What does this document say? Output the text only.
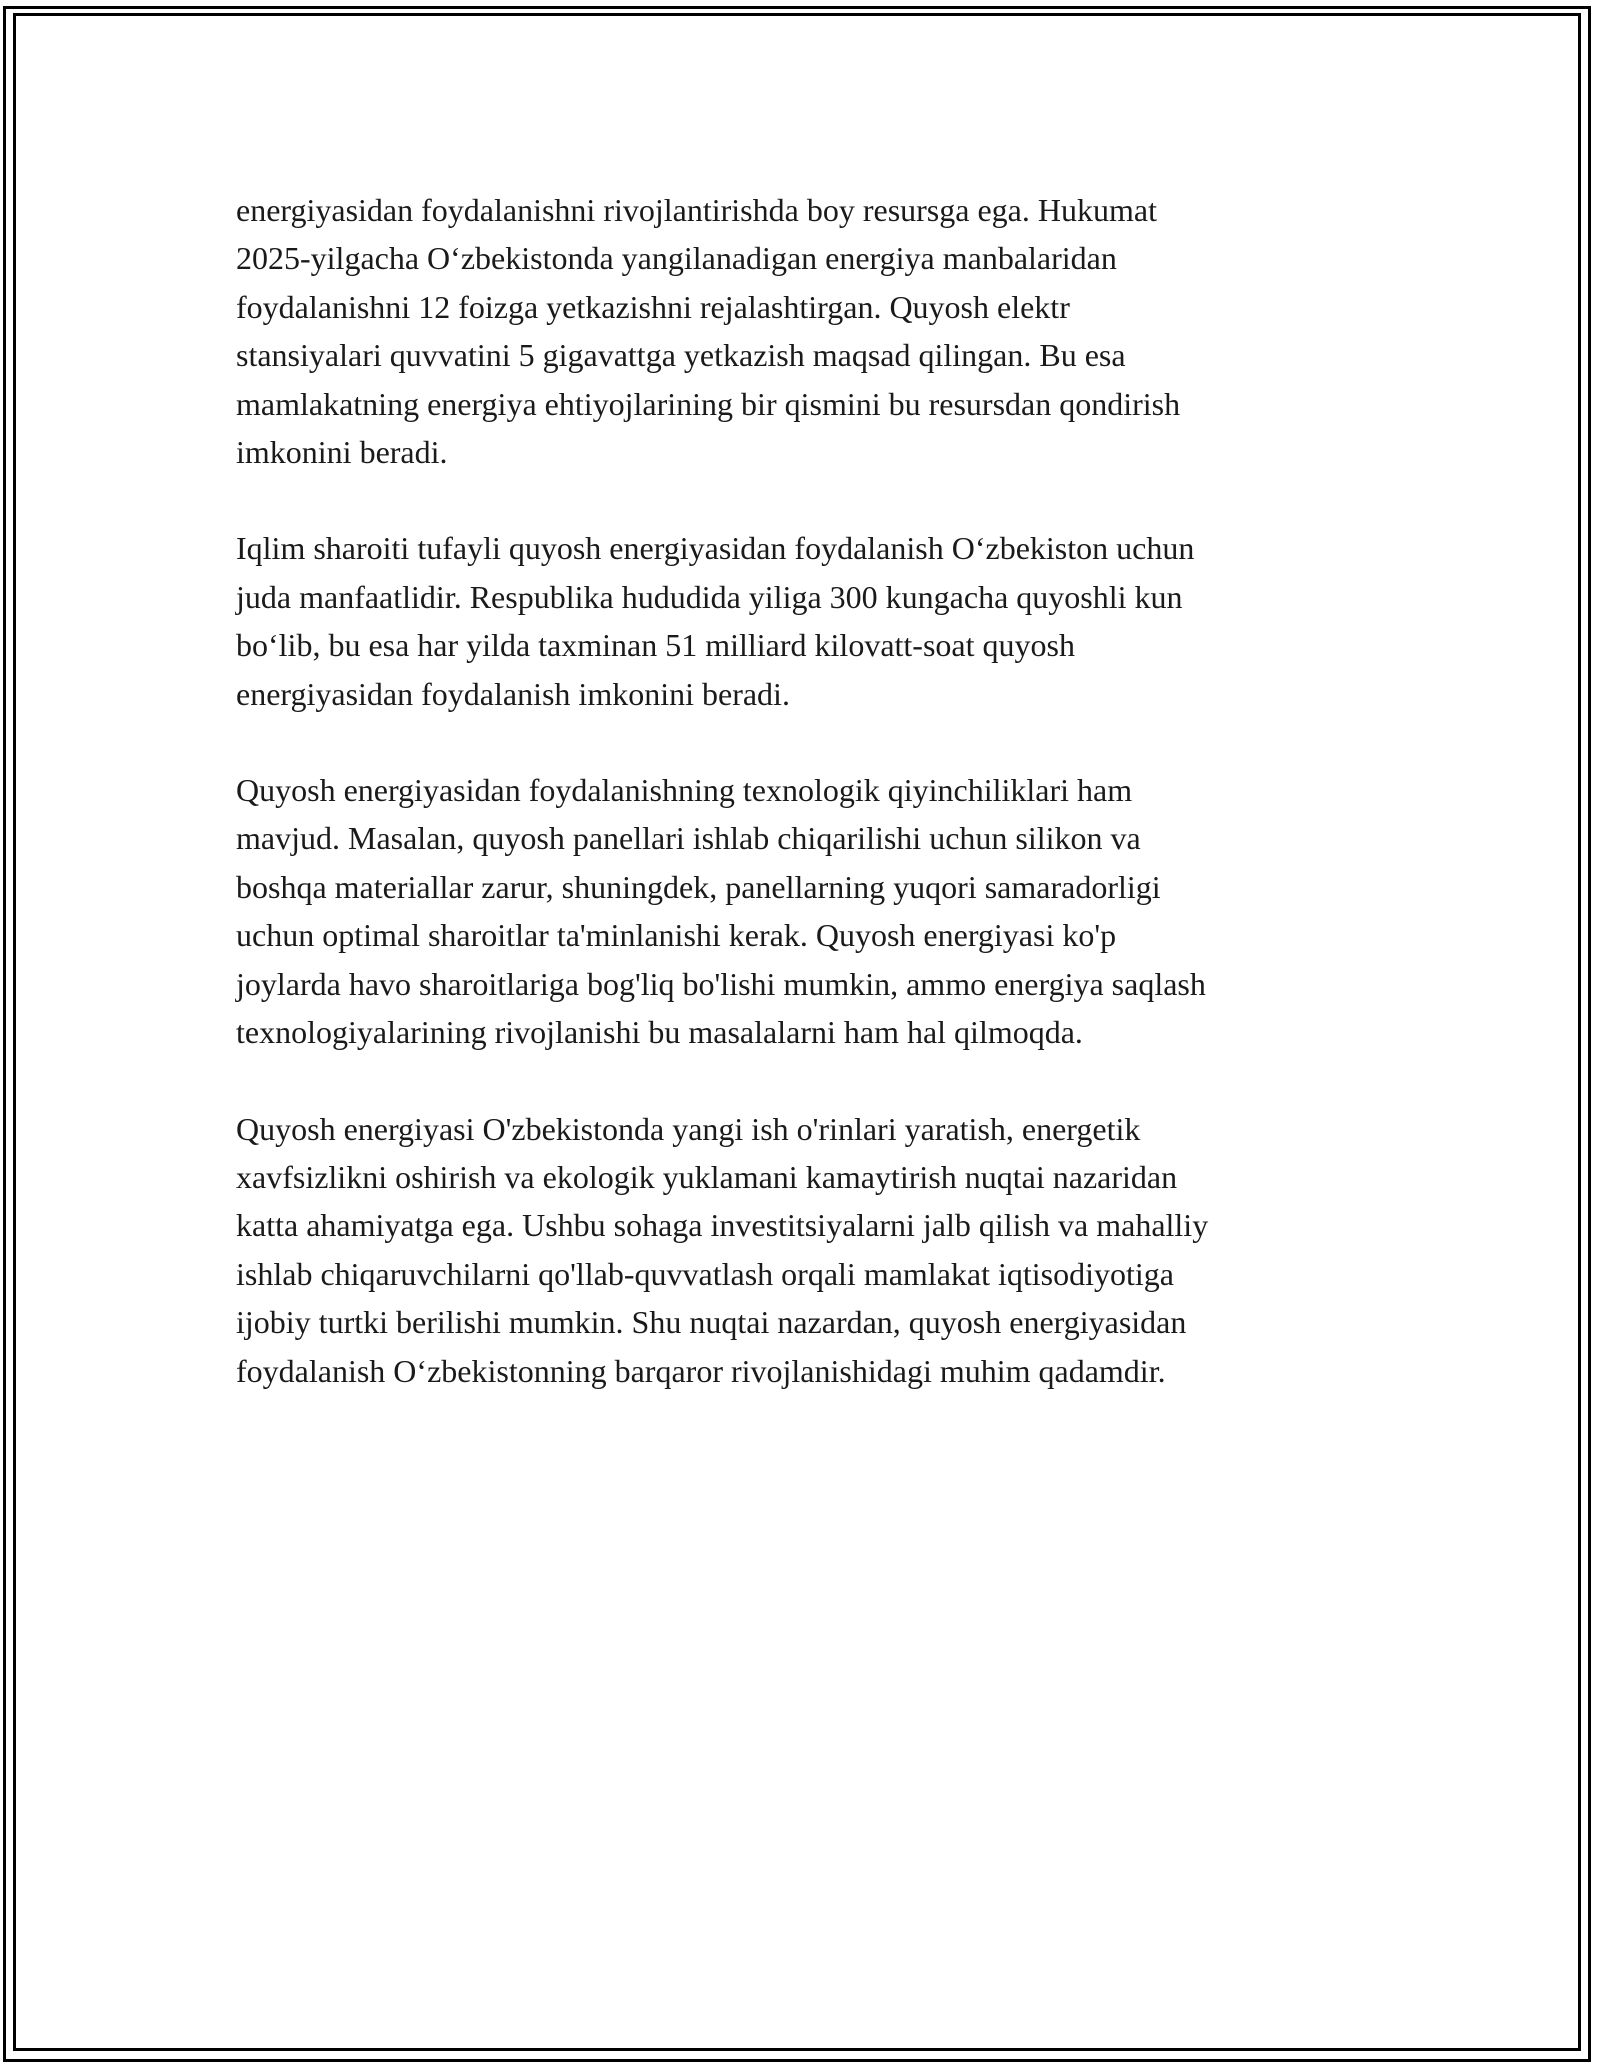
energiyasidan foydalanishni rivojlantirishda boy resursga ega. Hukumat
2025-yilgacha O‘zbekistonda yangilanadigan energiya manbalaridan
foydalanishni 12 foizga yetkazishni rejalashtirgan. Quyosh elektr
stansiyalari quvvatini 5 gigavattga yetkazish maqsad qilingan. Bu esa
mamlakatning energiya ehtiyojlarining bir qismini bu resursdan qondirish
imkonini beradi.

Iqlim sharoiti tufayli quyosh energiyasidan foydalanish O‘zbekiston uchun
juda manfaatlidir. Respublika hududida yiliga 300 kungacha quyoshli kun
bo‘lib, bu esa har yilda taxminan 51 milliard kilovatt-soat quyosh
energiyasidan foydalanish imkonini beradi.

Quyosh energiyasidan foydalanishning texnologik qiyinchiliklari ham
mavjud. Masalan, quyosh panellari ishlab chiqarilishi uchun silikon va
boshqa materiallar zarur, shuningdek, panellarning yuqori samaradorligi
uchun optimal sharoitlar ta'minlanishi kerak. Quyosh energiyasi ko'p
joylarda havo sharoitlariga bog'liq bo'lishi mumkin, ammo energiya saqlash
texnologiyalarining rivojlanishi bu masalalarni ham hal qilmoqda.

Quyosh energiyasi O'zbekistonda yangi ish o'rinlari yaratish, energetik
xavfsizlikni oshirish va ekologik yuklamani kamaytirish nuqtai nazaridan
katta ahamiyatga ega. Ushbu sohaga investitsiyalarni jalb qilish va mahalliy
ishlab chiqaruvchilarni qo'llab-quvvatlash orqali mamlakat iqtisodiyotiga
ijobiy turtki berilishi mumkin. Shu nuqtai nazardan, quyosh energiyasidan
foydalanish O‘zbekistonning barqaror rivojlanishidagi muhim qadamdir.
